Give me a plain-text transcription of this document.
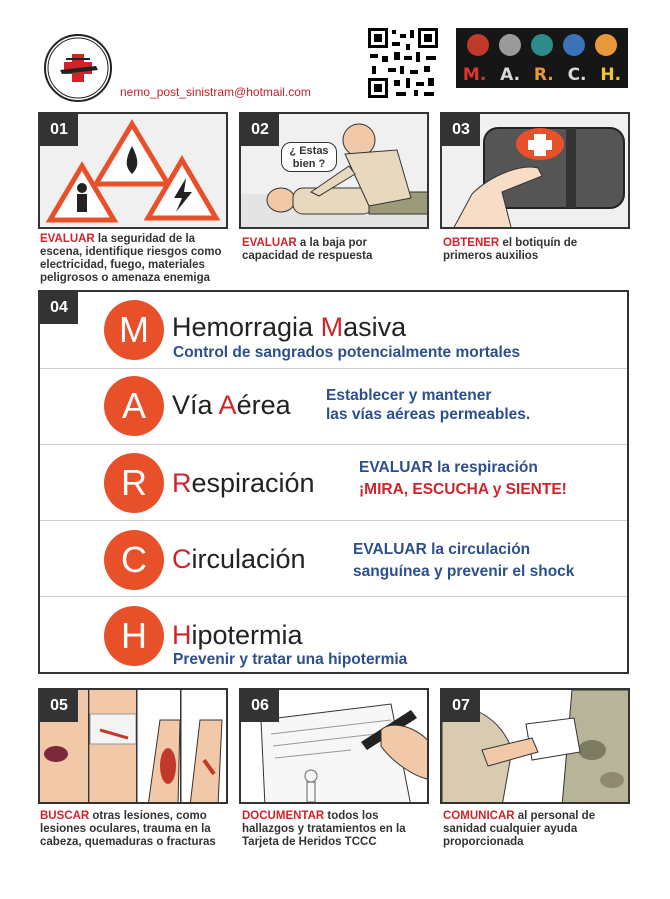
nemo_post_sinistram@hotmail.com
M. A. R. C. H.
01
EVALUAR la seguridad de la escena, identifique riesgos como electricidad, fuego, materiales peligrosos o amenaza enemiga
02
¿ Estas bien ?
EVALUAR a la baja por capacidad de respuesta
03
OBTENER el botiquín de primeros auxilios
04
M Hemorragia Masiva
Control de sangrados potencialmente mortales
A Vía Aérea Establecer y mantener
las vías aéreas permeables.
R Respiración
EVALUAR la respiración
¡MIRA, ESCUCHA y SIENTE!
C Circulación	EVALUAR la circulación
sanguínea y prevenir el shock
H Hipotermia
Prevenir y tratar una hipotermia
05
BUSCAR otras lesiones, como lesiones oculares, trauma en la cabeza, quemaduras o fracturas
06
DOCUMENTAR todos los hallazgos y tratamientos en la Tarjeta de Heridos TCCC
07
COMUNICAR al personal de sanidad cualquier ayuda proporcionada
